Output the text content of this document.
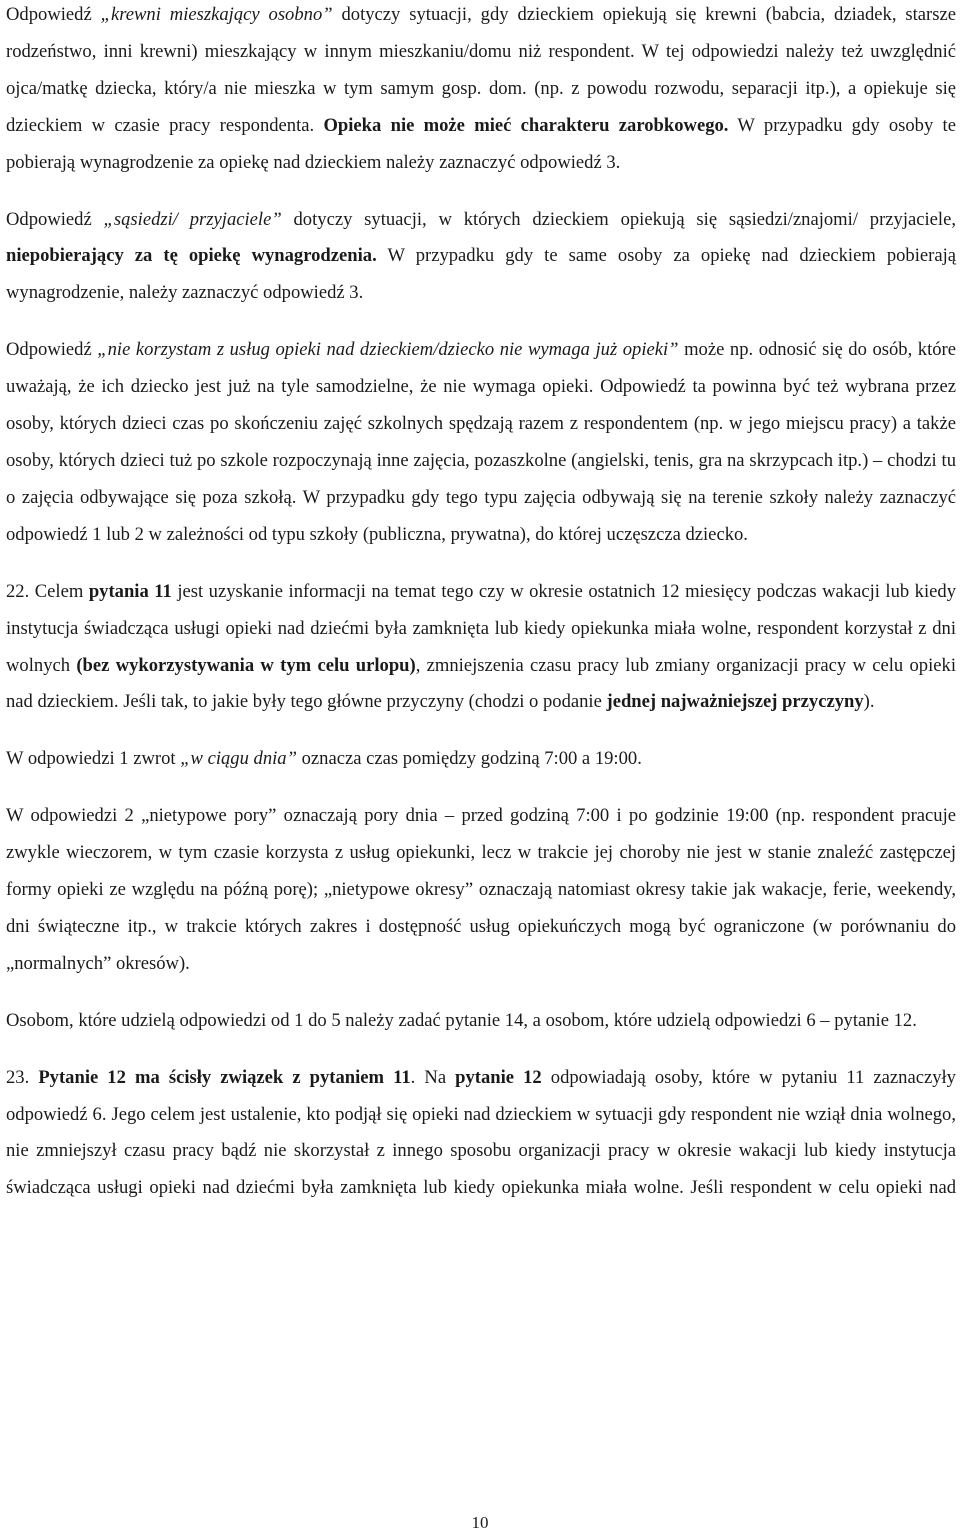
Odpowiedź „krewni mieszkający osobno” dotyczy sytuacji, gdy dzieckiem opiekują się krewni (babcia, dziadek, starsze rodzeństwo, inni krewni) mieszkający w innym mieszkaniu/domu niż respondent. W tej odpowiedzi należy też uwzględnić ojca/matkę dziecka, który/a nie mieszka w tym samym gosp. dom. (np. z powodu rozwodu, separacji itp.), a opiekuje się dzieckiem w czasie pracy respondenta. Opieka nie może mieć charakteru zarobkowego. W przypadku gdy osoby te pobierają wynagrodzenie za opiekę nad dzieckiem należy zaznaczyć odpowiedź 3.

Odpowiedź „sąsiedzi/ przyjaciele” dotyczy sytuacji, w których dzieckiem opiekują się sąsiedzi/znajomi/ przyjaciele, niepobierający za tę opiekę wynagrodzenia. W przypadku gdy te same osoby za opiekę nad dzieckiem pobierają wynagrodzenie, należy zaznaczyć odpowiedź 3.

Odpowiedź „nie korzystam z usług opieki nad dzieckiem/dziecko nie wymaga już opieki” może np. odnosić się do osób, które uważają, że ich dziecko jest już na tyle samodzielne, że nie wymaga opieki. Odpowiedź ta powinna być też wybrana przez osoby, których dzieci czas po skończeniu zajęć szkolnych spędzają razem z respondentem (np. w jego miejscu pracy) a także osoby, których dzieci tuż po szkole rozpoczynają inne zajęcia, pozaszkolne (angielski, tenis, gra na skrzypcach itp.) – chodzi tu o zajęcia odbywające się poza szkołą. W przypadku gdy tego typu zajęcia odbywają się na terenie szkoły należy zaznaczyć odpowiedź 1 lub 2 w zależności od typu szkoły (publiczna, prywatna), do której uczęszcza dziecko.

22. Celem pytania 11 jest uzyskanie informacji na temat tego czy w okresie ostatnich 12 miesięcy podczas wakacji lub kiedy instytucja świadcząca usługi opieki nad dziećmi była zamknięta lub kiedy opiekunka miała wolne, respondent korzystał z dni wolnych (bez wykorzystywania w tym celu urlopu), zmniejszenia czasu pracy lub zmiany organizacji pracy w celu opieki nad dzieckiem. Jeśli tak, to jakie były tego główne przyczyny (chodzi o podanie jednej najważniejszej przyczyny).

W odpowiedzi 1 zwrot „w ciągu dnia” oznacza czas pomiędzy godziną 7:00 a 19:00.

W odpowiedzi 2 „nietypowe pory” oznaczają pory dnia – przed godziną 7:00 i po godzinie 19:00 (np. respondent pracuje zwykle wieczorem, w tym czasie korzysta z usług opiekunki, lecz w trakcie jej choroby nie jest w stanie znaleźć zastępczej formy opieki ze względu na późną porę); „nietypowe okresy” oznaczają natomiast okresy takie jak wakacje, ferie, weekendy, dni świąteczne itp., w trakcie których zakres i dostępność usług opiekuńczych mogą być ograniczone (w porównaniu do „normalnych” okresów).

Osobom, które udzielą odpowiedzi od 1 do 5 należy zadać pytanie 14, a osobom, które udzielą odpowiedzi 6 – pytanie 12.

23. Pytanie 12 ma ścisły związek z pytaniem 11. Na pytanie 12 odpowiadają osoby, które w pytaniu 11 zaznaczyły odpowiedź 6. Jego celem jest ustalenie, kto podjął się opieki nad dzieckiem w sytuacji gdy respondent nie wziął dnia wolnego, nie zmniejszył czasu pracy bądź nie skorzystał z innego sposobu organizacji pracy w okresie wakacji lub kiedy instytucja świadcząca usługi opieki nad dziećmi była zamknięta lub kiedy opiekunka miała wolne. Jeśli respondent w celu opieki nad

10
